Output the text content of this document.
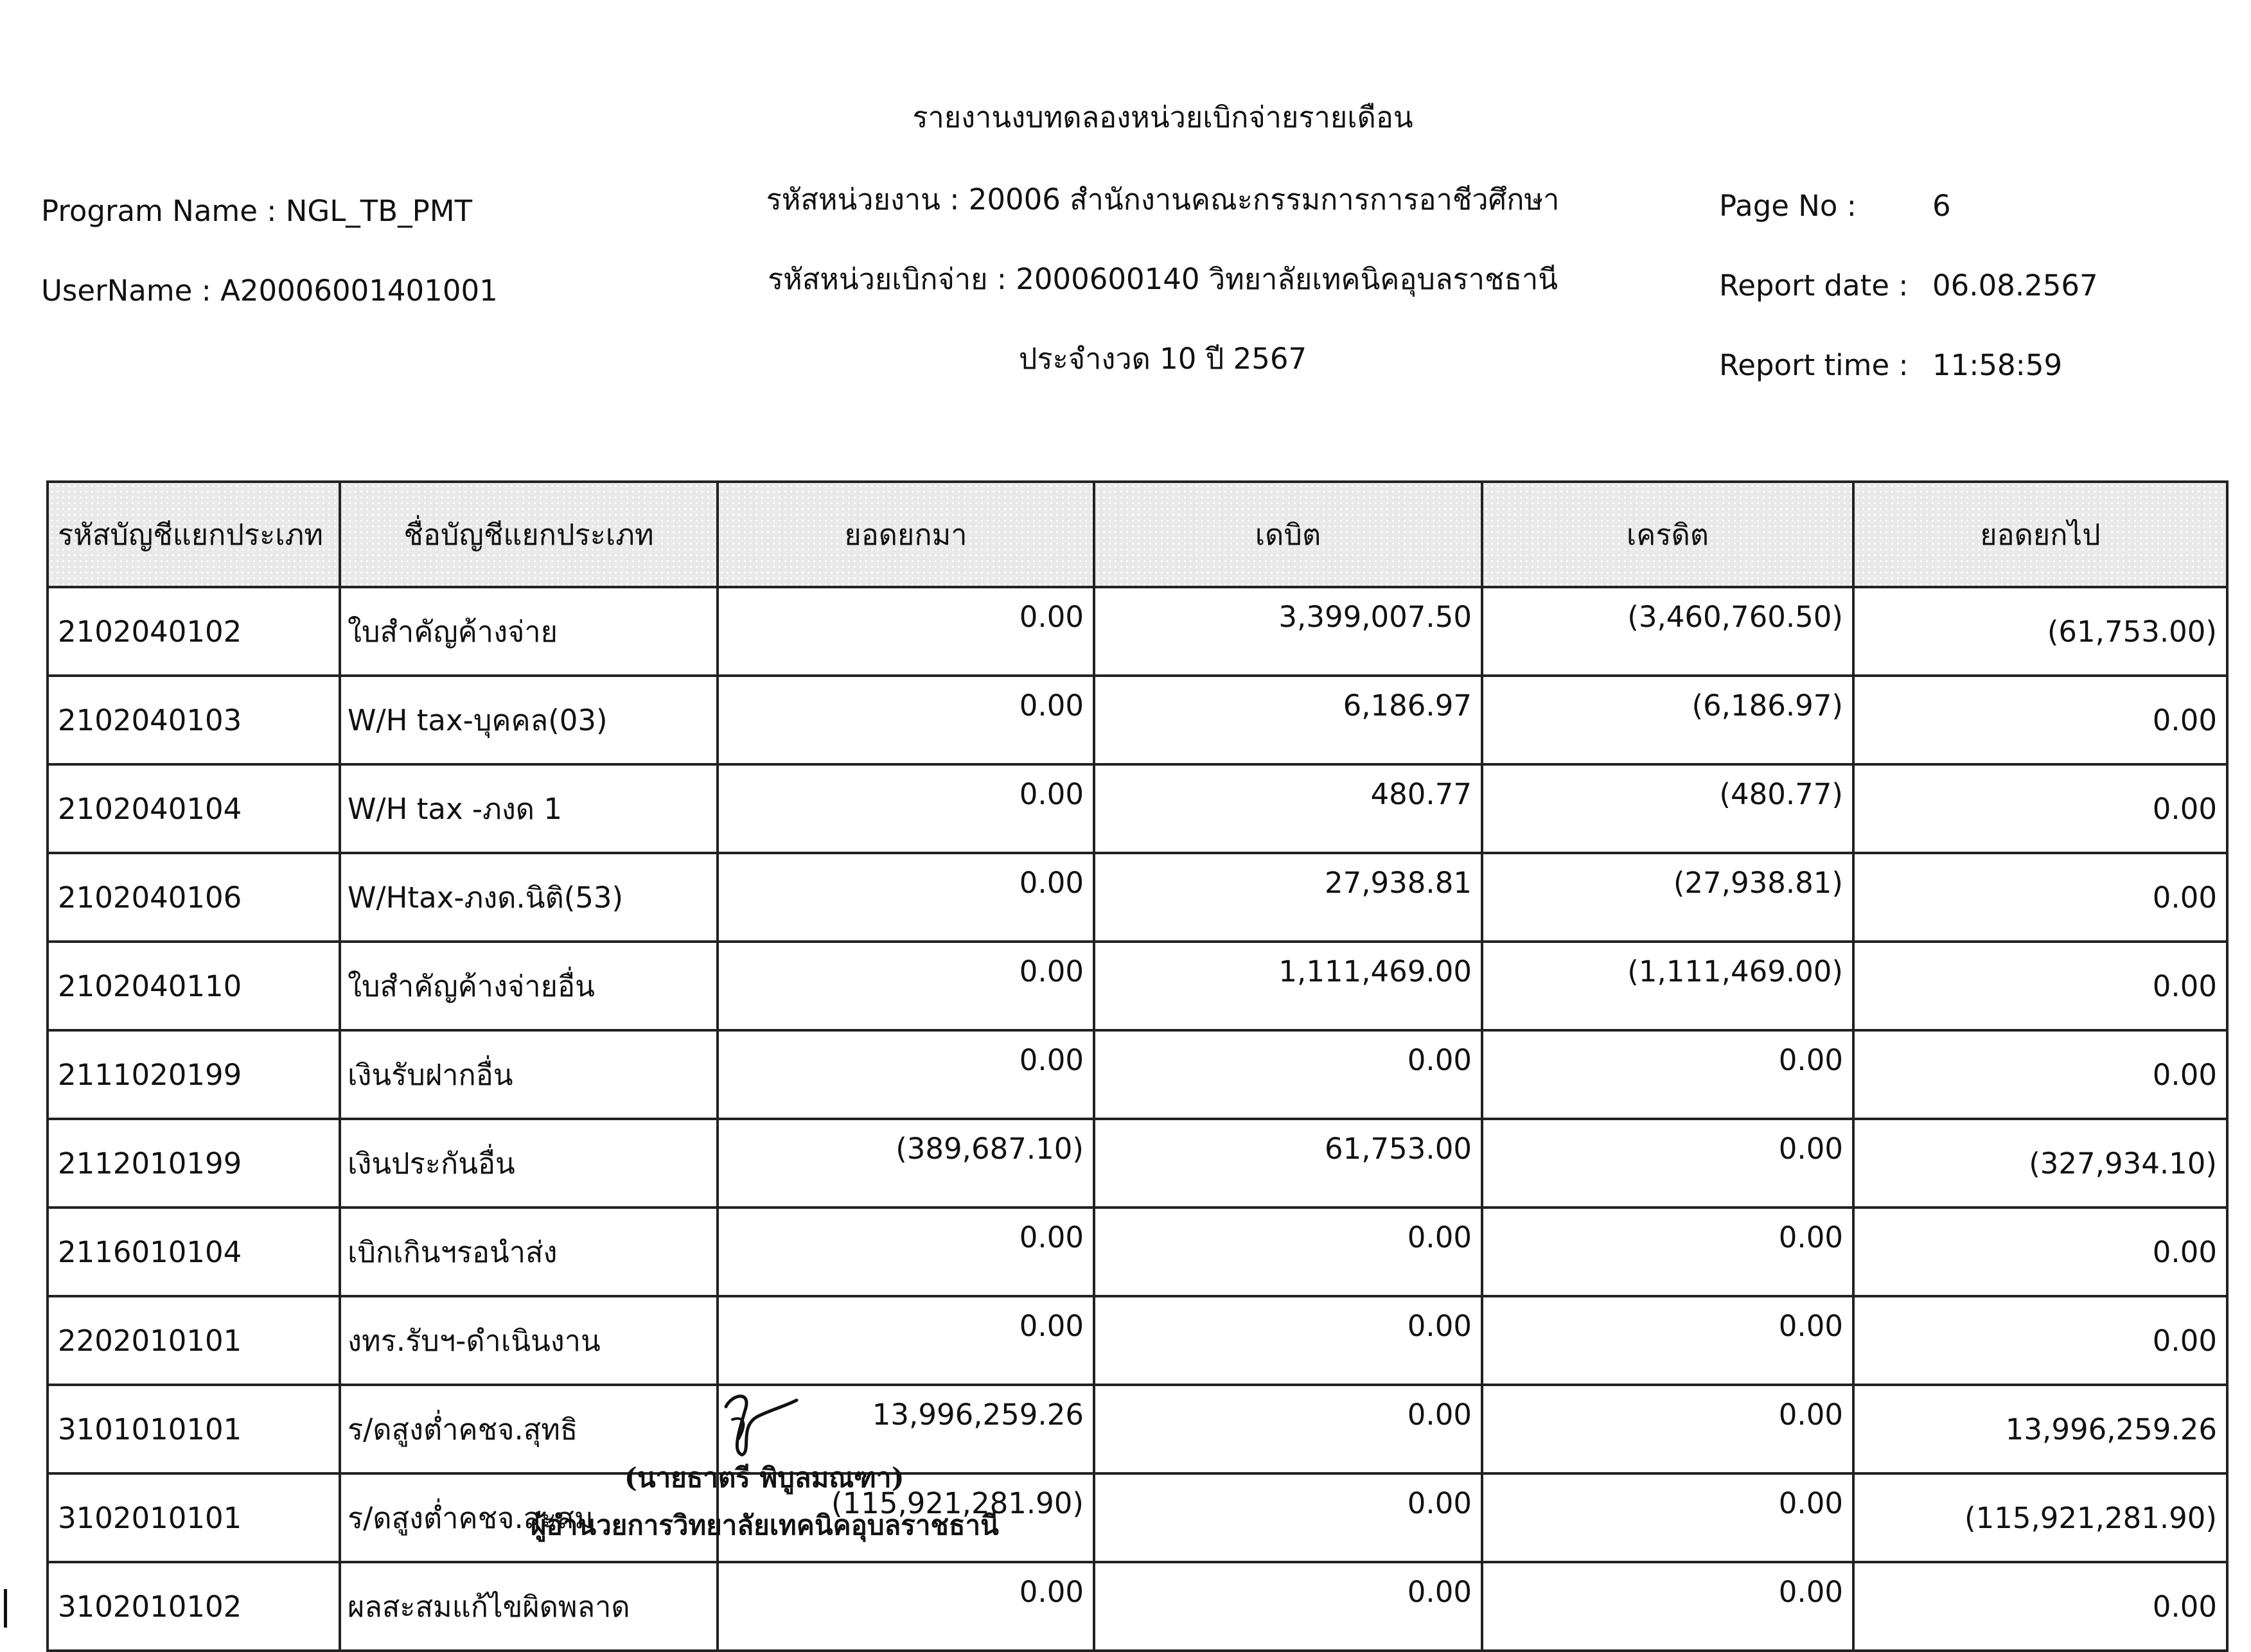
รายงานงบทดลองหน่วยเบิกจ่ายรายเดือน
รหัสหน่วยงาน : 20006 สำนักงานคณะกรรมการการอาชีวศึกษา
รหัสหน่วยเบิกจ่าย : 2000600140 วิทยาลัยเทคนิคอุบลราชธานี
ประจำงวด 10 ปี 2567
Program Name : NGL_TB_PMT
UserName : A20006001401001
Page No :	6
Report date : 06.08.2567
Report time : 11:58:59
รหัสบัญชีแยกประเภท	ชื่อบัญชีแยกประเภท	ยอดยกมา	เดบิต	เครดิต	ยอดยกไป
2102040102	ใบสำคัญค้างจ่าย	0.00	3,399,007.50	(3,460,760.50)	(61,753.00)
2102040103	W/H tax-บุคคล(03)	0.00	6,186.97	(6,186.97)	0.00
2102040104	W/H tax -ภงด 1	0.00	480.77	(480.77)	0.00
2102040106	W/Htax-ภงด.นิติ(53)	0.00	27,938.81	(27,938.81)	0.00
2102040110	ใบสำคัญค้างจ่ายอื่น	0.00	1,111,469.00	(1,111,469.00)	0.00
2111020199	เงินรับฝากอื่น	0.00	0.00	0.00	0.00
2112010199	เงินประกันอื่น	(389,687.10)	61,753.00	0.00	(327,934.10)
2116010104	เบิกเกินฯรอนำส่ง	0.00	0.00	0.00	0.00
2202010101	งทร.รับฯ-ดำเนินงาน	0.00	0.00	0.00	0.00
3101010101	ร/ดสูงต่ำคชจ.สุทธิ	13,996,259.26	0.00	0.00	13,996,259.26
3102010101	ร/ดสูงต่ำคชจ.สะสม	(115,921,281.90)	0.00	0.00	(115,921,281.90)
3102010102	ผลสะสมแก้ไขผิดพลาด	0.00	0.00	0.00	0.00
(นายธาตรี พิบูลมณฑา)
ผู้อำนวยการวิทยาลัยเทคนิคอุบลราชธานี
